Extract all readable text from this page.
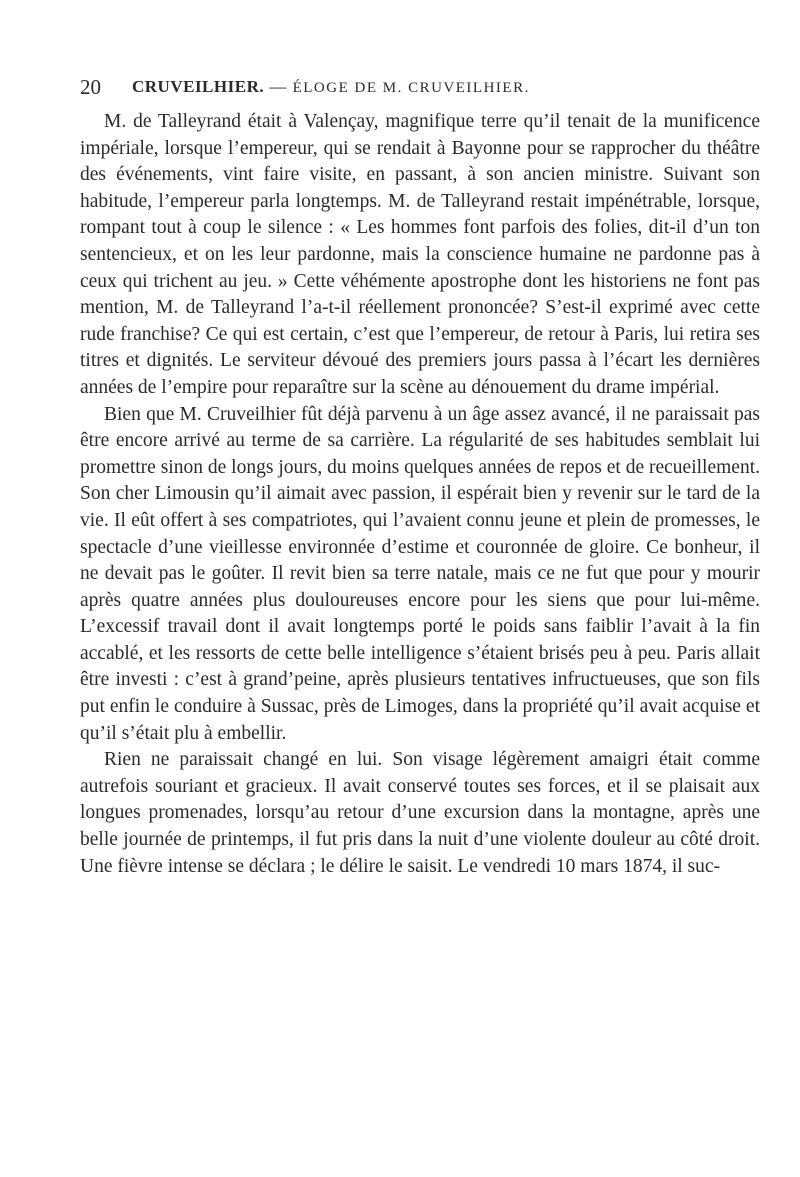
20 CRUVEILHIER. — ÉLOGE DE M. CRUVEILHIER.

M. de Talleyrand était à Valençay, magnifique terre qu’il tenait de la munificence impériale, lorsque l’empereur, qui se rendait à Bayonne pour se rapprocher du théâtre des événements, vint faire visite, en passant, à son ancien ministre. Suivant son habitude, l’empereur parla longtemps. M. de Talleyrand restait impénétrable, lorsque, rompant tout à coup le silence : « Les hommes font parfois des folies, dit-il d’un ton sentencieux, et on les leur pardonne, mais la conscience humaine ne pardonne pas à ceux qui trichent au jeu. » Cette véhémente apostrophe dont les historiens ne font pas mention, M. de Talleyrand l’a-t-il réellement prononcée? S’est-il exprimé avec cette rude franchise? Ce qui est certain, c’est que l’empereur, de retour à Paris, lui retira ses titres et dignités. Le serviteur dévoué des premiers jours passa à l’écart les dernières années de l’empire pour reparaître sur la scène au dénouement du drame impérial.

Bien que M. Cruveilhier fût déjà parvenu à un âge assez avancé, il ne paraissait pas être encore arrivé au terme de sa carrière. La régularité de ses habitudes semblait lui promettre sinon de longs jours, du moins quelques années de repos et de recueillement. Son cher Limousin qu’il aimait avec passion, il espérait bien y revenir sur le tard de la vie. Il eût offert à ses compatriotes, qui l’avaient connu jeune et plein de promesses, le spectacle d’une vieillesse environnée d’estime et couronnée de gloire. Ce bonheur, il ne devait pas le goûter. Il revit bien sa terre natale, mais ce ne fut que pour y mourir après quatre années plus douloureuses encore pour les siens que pour lui-même. L’excessif travail dont il avait longtemps porté le poids sans faiblir l’avait à la fin accablé, et les ressorts de cette belle intelligence s’étaient brisés peu à peu. Paris allait être investi : c’est à grand’peine, après plusieurs tentatives infructueuses, que son fils put enfin le conduire à Sussac, près de Limoges, dans la propriété qu’il avait acquise et qu’il s’était plu à embellir.

Rien ne paraissait changé en lui. Son visage légèrement amaigri était comme autrefois souriant et gracieux. Il avait conservé toutes ses forces, et il se plaisait aux longues promenades, lorsqu’au retour d’une excursion dans la montagne, après une belle journée de printemps, il fut pris dans la nuit d’une violente douleur au côté droit. Une fièvre intense se déclara ; le délire le saisit. Le vendredi 10 mars 1874, il suc-
